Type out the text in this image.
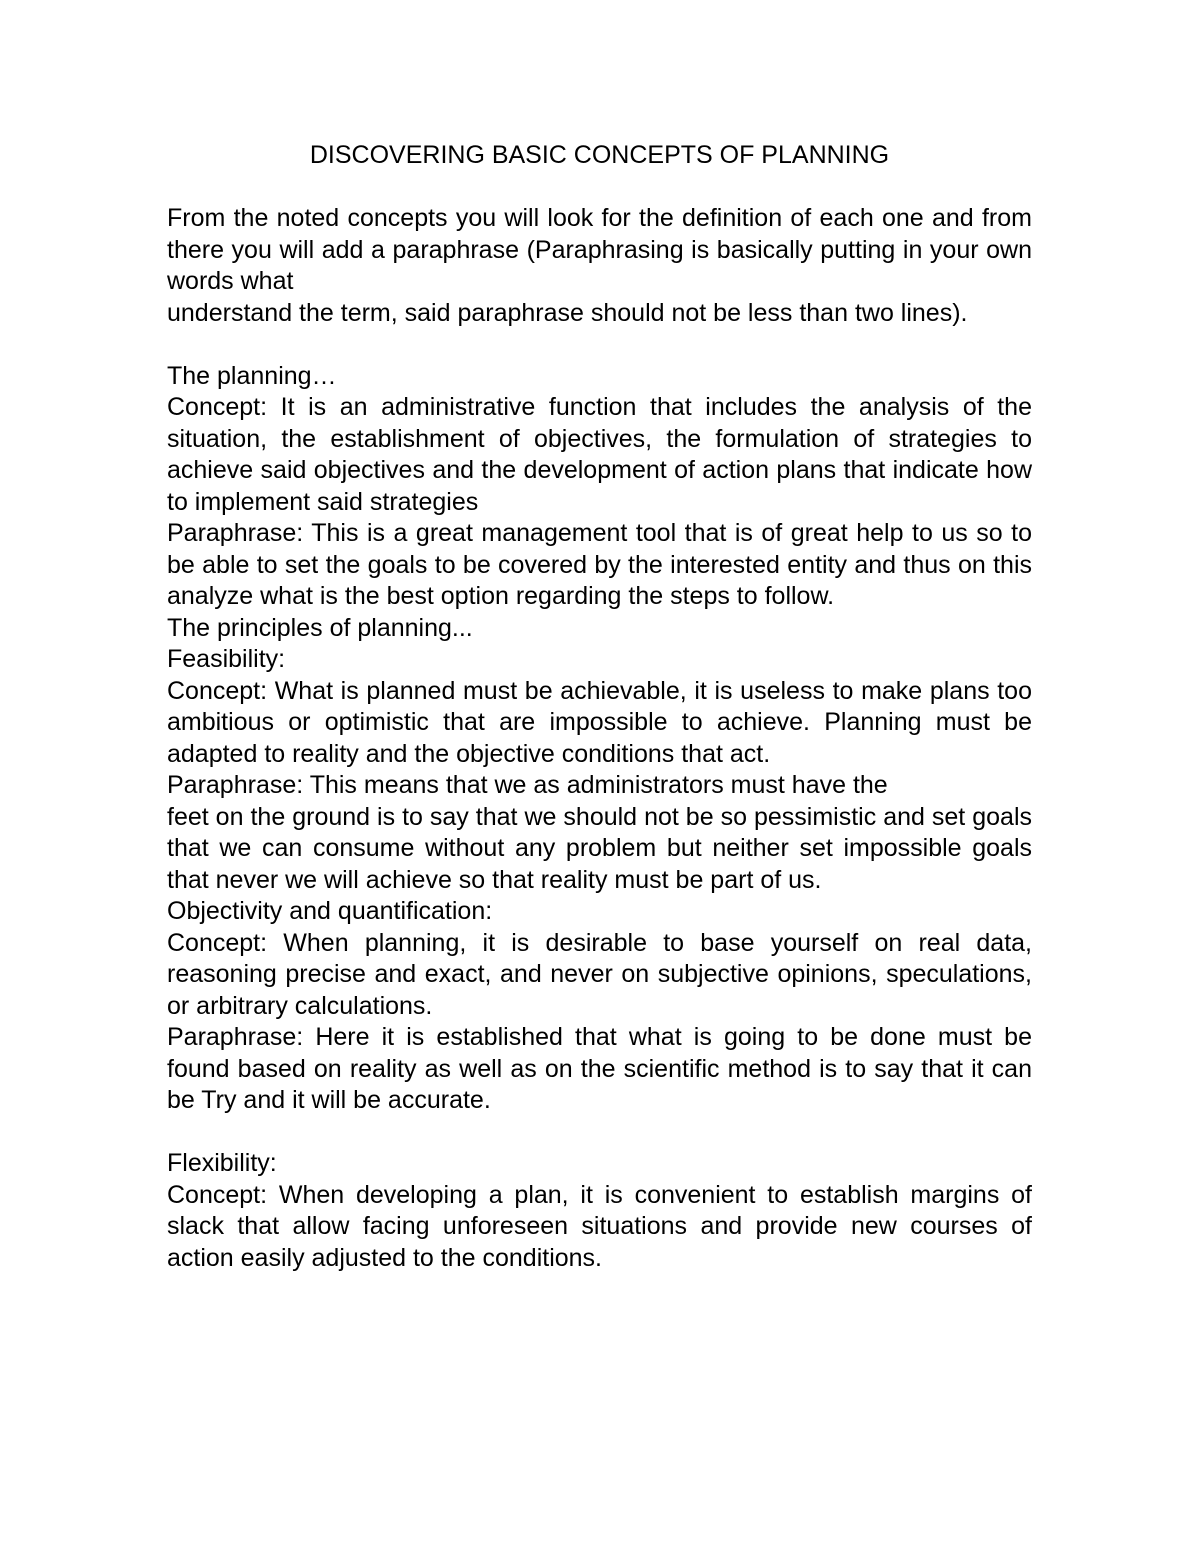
DISCOVERING BASIC CONCEPTS OF PLANNING

From the noted concepts you will look for the definition of each one and from there you will add a paraphrase (Paraphrasing is basically putting in your own words what

understand the term, said paraphrase should not be less than two lines).

The planning…

Concept: It is an administrative function that includes the analysis of the situation, the establishment of objectives, the formulation of strategies to achieve said objectives and the development of action plans that indicate how to implement said strategies

Paraphrase: This is a great management tool that is of great help to us so to be able to set the goals to be covered by the interested entity and thus on this analyze what is the best option regarding the steps to follow.

The principles of planning...

Feasibility:

Concept: What is planned must be achievable, it is useless to make plans too ambitious or optimistic that are impossible to achieve. Planning must be adapted to reality and the objective conditions that act.

Paraphrase: This means that we as administrators must have the

feet on the ground is to say that we should not be so pessimistic and set goals that we can consume without any problem but neither set impossible goals that never we will achieve so that reality must be part of us.

Objectivity and quantification:

Concept: When planning, it is desirable to base yourself on real data, reasoning precise and exact, and never on subjective opinions, speculations, or arbitrary calculations.

Paraphrase: Here it is established that what is going to be done must be found based on reality as well as on the scientific method is to say that it can be Try and it will be accurate.

Flexibility:

Concept: When developing a plan, it is convenient to establish margins of slack that allow facing unforeseen situations and provide new courses of action easily adjusted to the conditions.
